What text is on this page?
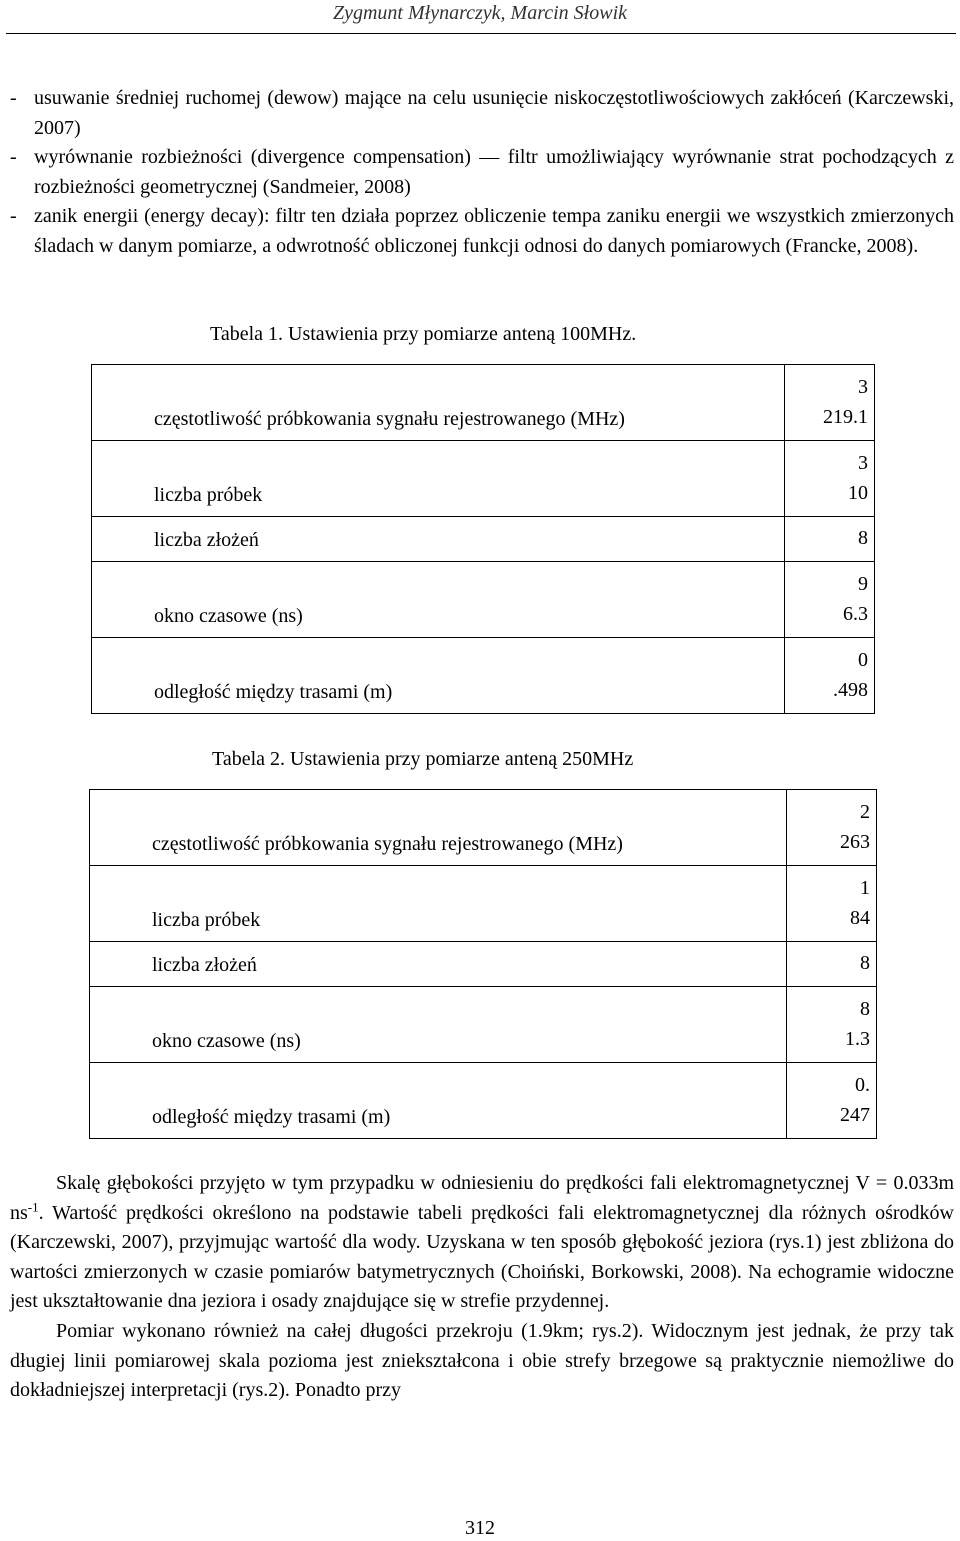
Zygmunt Młynarczyk, Marcin Słowik
- usuwanie średniej ruchomej (dewow) mające na celu usunięcie niskoczęstotliwościowych zakłóceń (Karczewski, 2007)
- wyrównanie rozbieżności (divergence compensation) ― filtr umożliwiający wyrównanie strat pochodzących z rozbieżności geometrycznej (Sandmeier, 2008)
- zanik energii (energy decay): filtr ten działa poprzez obliczenie tempa zaniku energii we wszystkich zmierzonych śladach w danym pomiarze, a odwrotność obliczonej funkcji odnosi do danych pomiarowych (Francke, 2008).
Tabela 1. Ustawienia przy pomiarze anteną 100MHz.
częstotliwość próbkowania sygnału rejestrowanego (MHz)	3
219.1

liczba próbek	3
10

liczba złożeń	8

okno czasowe (ns)	9
6.3

odległość między trasami (m)	0
.498
Tabela 2. Ustawienia przy pomiarze anteną 250MHz
częstotliwość próbkowania sygnału rejestrowanego (MHz)	2
263

liczba próbek	1
84

liczba złożeń	8

okno czasowe (ns)	8
1.3

odległość między trasami (m)	0.
247

Skalę głębokości przyjęto w tym przypadku w odniesieniu do prędkości fali elektromagnetycznej V = 0.033m $ns^{-1}$. Wartość prędkości określono na podstawie tabeli prędkości fali elektromagnetycznej dla różnych ośrodków (Karczewski, 2007), przyjmując wartość dla wody. Uzyskana w ten sposób głębokość jeziora (rys.1) jest zbliżona do wartości zmierzonych w czasie pomiarów batymetrycznych (Choiński, Borkowski, 2008). Na echogramie widoczne jest ukształtowanie dna jeziora i osady znajdujące się w strefie przydennej.

Pomiar wykonano również na całej długości przekroju (1.9km; rys.2). Widocznym jest jednak, że przy tak długiej linii pomiarowej skala pozioma jest zniekształcona i obie strefy brzegowe są praktycznie niemożliwe do dokładniejszej interpretacji (rys.2). Ponadto przy

312
